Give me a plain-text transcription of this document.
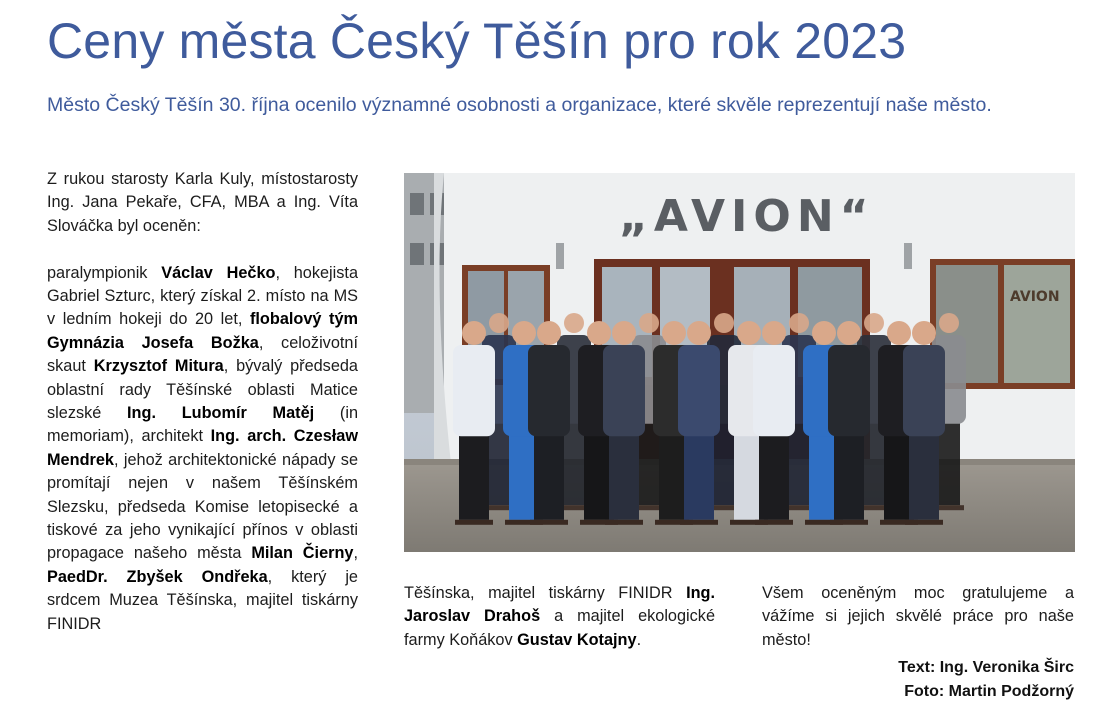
Ceny města Český Těšín pro rok 2023

Město Český Těšín 30. října ocenilo významné osobnosti a organizace, které skvěle reprezentují naše město.

Z rukou starosty Karla Kuly, místostarosty Ing. Jana Pekaře, CFA, MBA a Ing. Víta Slováčka byl oceněn:

paralympionik Václav Hečko, hokejista Gabriel Szturc, který získal 2. místo na MS v ledním hokeji do 20 let, flobalový tým Gymnázia Josefa Božka, celoživotní skaut Krzysztof Mitura, bývalý předseda oblastní rady Těšínské oblasti Matice slezské Ing. Lubomír Matěj (in memoriam), architekt Ing. arch. Czesław Mendrek, jehož architektonické nápady se promítají nejen v našem Těšínském Slezsku, předseda Komise letopisecké a tiskové za jeho vynikající přínos v oblasti propagace našeho města Milan Čierny, PaedDr. Zbyšek Ondřeka, který je srdcem Muzea Těšínska, majitel tiskárny FINIDR

„AVION“
AVION

Těšínska, majitel tiskárny FINIDR Ing. Jaroslav Drahoš a majitel ekologické farmy Koňákov Gustav Kotajny.

Všem oceněným moc gratulujeme a vážíme si jejich skvělé práce pro naše město!

Text: Ing. Veronika Širc
Foto: Martin Podžorný
